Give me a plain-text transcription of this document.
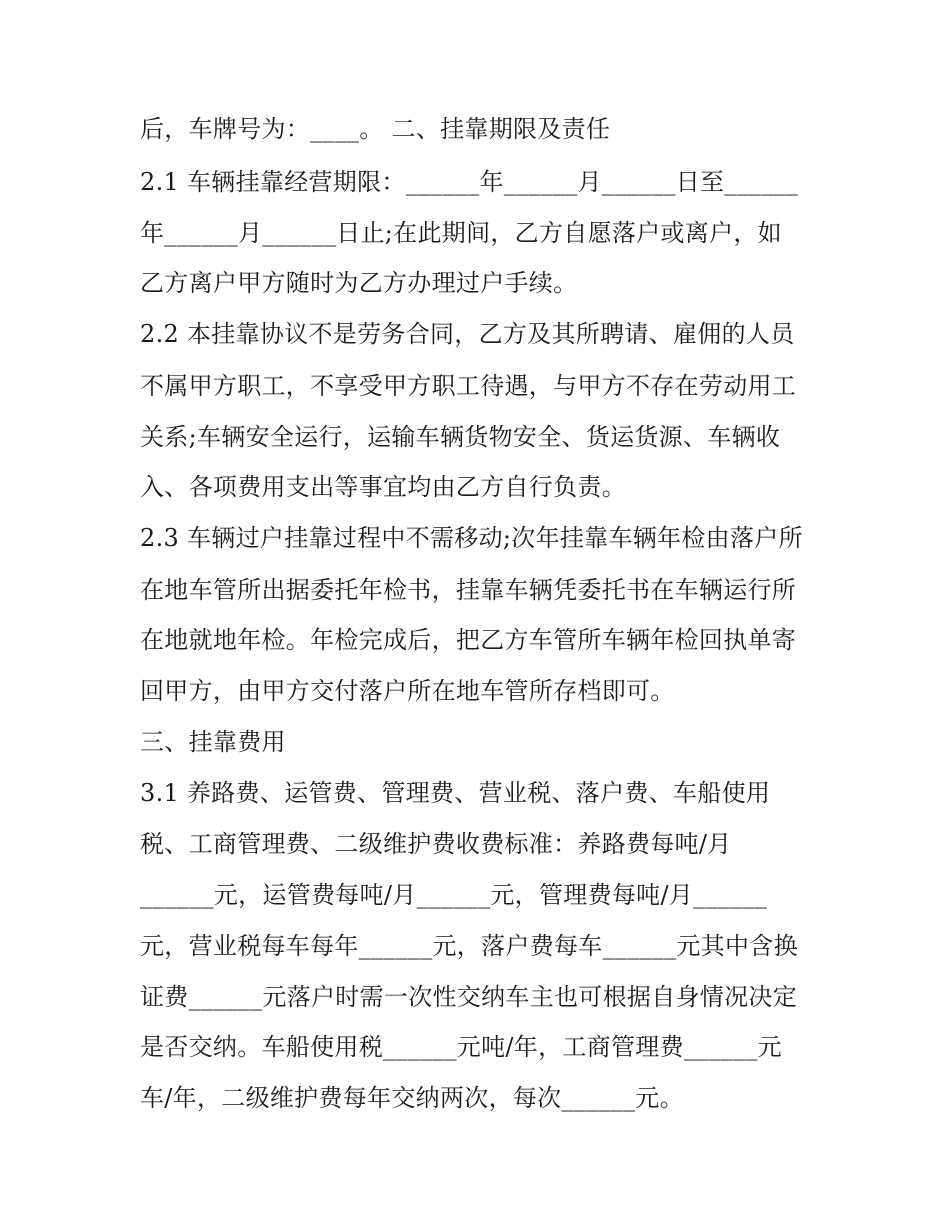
后，车牌号为：____。 二、挂靠期限及责任
2.1 车辆挂靠经营期限：______年______月______日至______
年______月______日止;在此期间，乙方自愿落户或离户，如
乙方离户甲方随时为乙方办理过户手续。
2.2 本挂靠协议不是劳务合同，乙方及其所聘请、雇佣的人员
不属甲方职工，不享受甲方职工待遇，与甲方不存在劳动用工
关系;车辆安全运行，运输车辆货物安全、货运货源、车辆收
入、各项费用支出等事宜均由乙方自行负责。
2.3 车辆过户挂靠过程中不需移动;次年挂靠车辆年检由落户所
在地车管所出据委托年检书，挂靠车辆凭委托书在车辆运行所
在地就地年检。年检完成后，把乙方车管所车辆年检回执单寄
回甲方，由甲方交付落户所在地车管所存档即可。
三、挂靠费用
3.1 养路费、运管费、管理费、营业税、落户费、车船使用
税、工商管理费、二级维护费收费标准：养路费每吨/月
______元，运管费每吨/月______元，管理费每吨/月______
元，营业税每车每年______元，落户费每车______元其中含换
证费______元落户时需一次性交纳车主也可根据自身情况决定
是否交纳。车船使用税______元吨/年，工商管理费______元
车/年，二级维护费每年交纳两次，每次______元。
